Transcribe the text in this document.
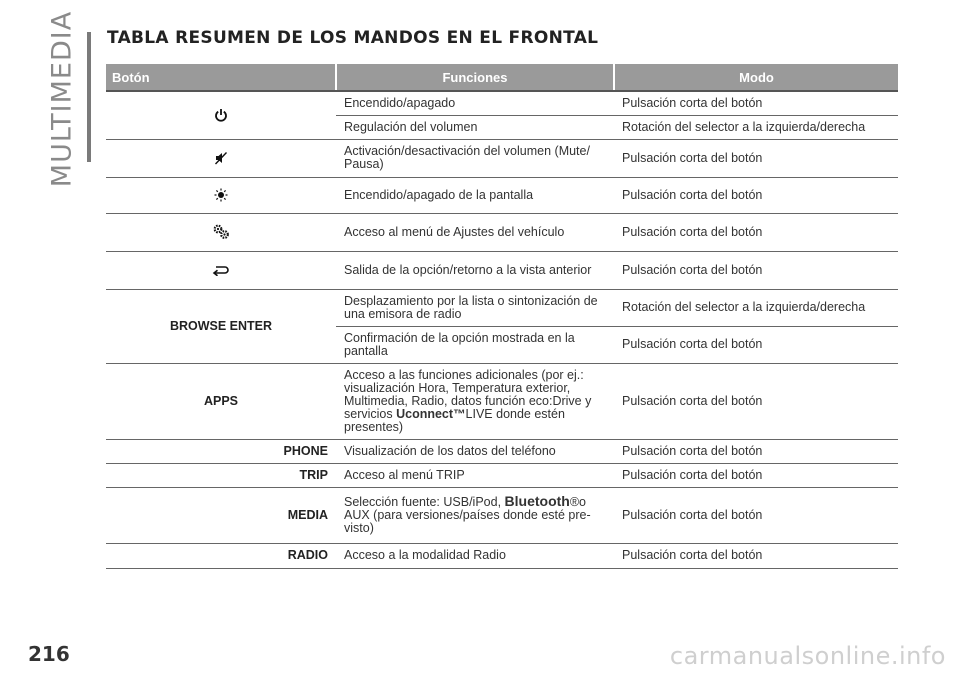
MULTIMEDIA TABLA RESUMEN DE LOS MANDOS EN EL FRONTAL
Botón	Funciones	Modo
	Encendido/apagado	Pulsación corta del botón
	Regulación del volumen	Rotación del selector a la izquierda/derecha
	Activación/desactivación del volumen (Mute/ Pausa)	Pulsación corta del botón
	Encendido/apagado de la pantalla	Pulsación corta del botón
	Acceso al menú de Ajustes del vehículo	Pulsación corta del botón
	Salida de la opción/retorno a la vista anterior	Pulsación corta del botón
BROWSE ENTER	Desplazamiento por la lista o sintonización de una emisora de radio	Rotación del selector a la izquierda/derecha
	Confirmación de la opción mostrada en la pantalla	Pulsación corta del botón
APPS	Acceso a las funciones adicionales (por ej.: visualización Hora, Temperatura exterior, Multimedia, Radio, datos función eco:Drive y servicios Uconnect™LIVE donde estén presentes)	Pulsación corta del botón
PHONE	Visualización de los datos del teléfono	Pulsación corta del botón
TRIP	Acceso al menú TRIP	Pulsación corta del botón
MEDIA	Selección fuente: USB/iPod, Bluetooth®o AUX (para versiones/países donde esté pre- visto)	Pulsación corta del botón
RADIO	Acceso a la modalidad Radio	Pulsación corta del botón
216	carmanualsonline.info
